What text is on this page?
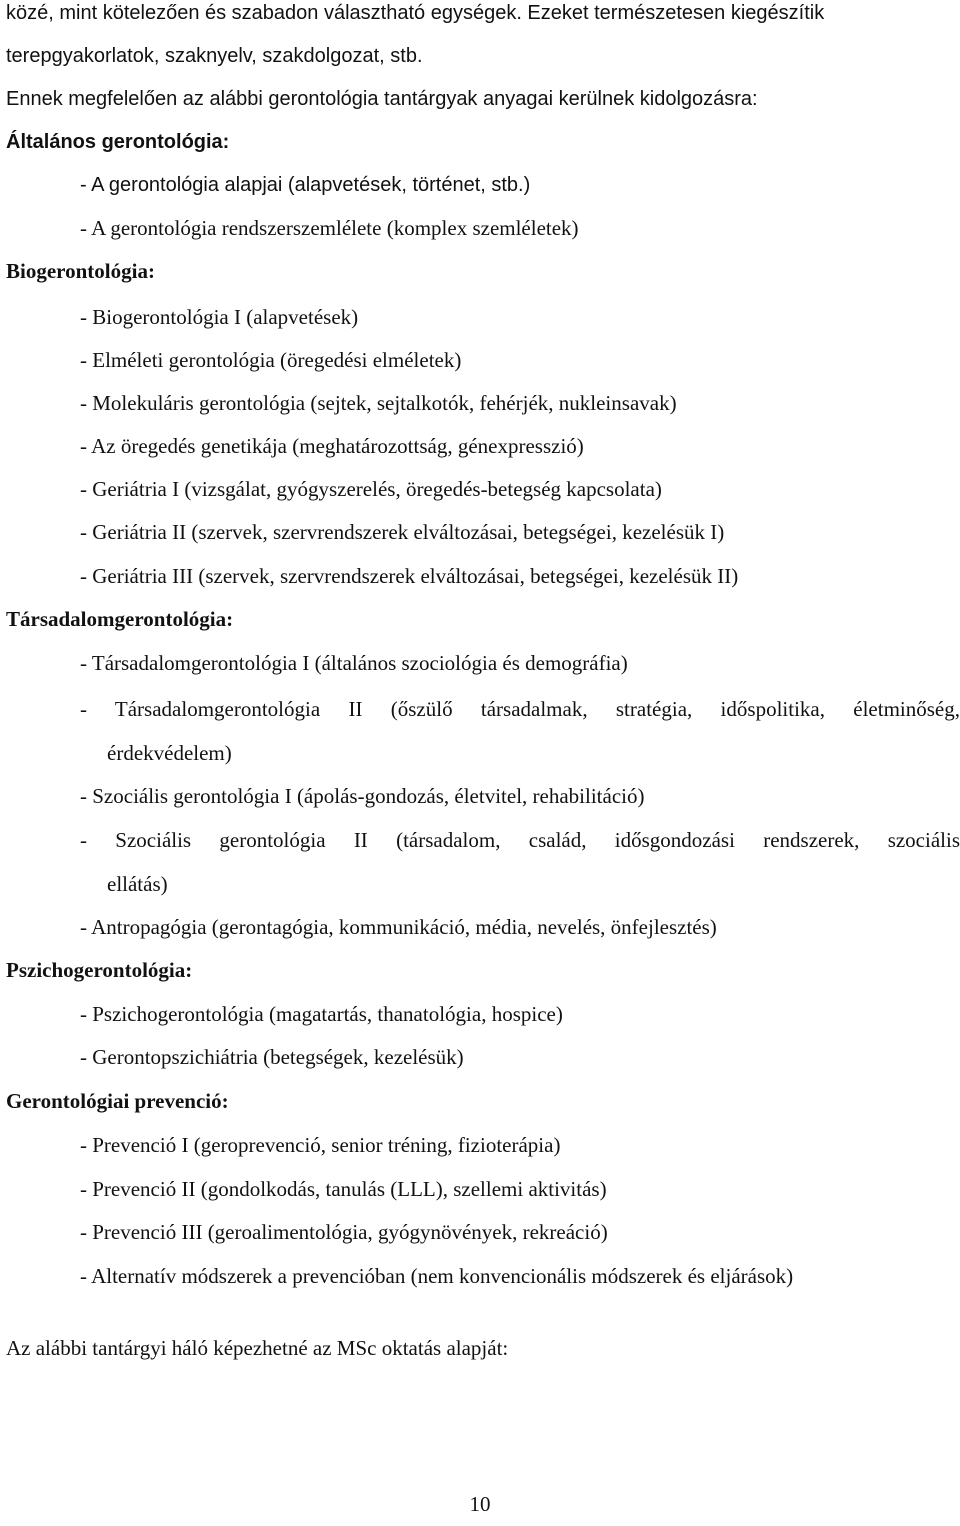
közé, mint kötelezően és szabadon választható egységek. Ezeket természetesen kiegészítik
terepgyakorlatok, szaknyelv, szakdolgozat, stb.
Ennek megfelelően az alábbi gerontológia tantárgyak anyagai kerülnek kidolgozásra:
Általános gerontológia:
- A gerontológia alapjai (alapvetések, történet, stb.)
- A gerontológia rendszerszemlélete (komplex szemléletek)
Biogerontológia:
- Biogerontológia I (alapvetések)
- Elméleti gerontológia (öregedési elméletek)
- Molekuláris gerontológia (sejtek, sejtalkotók, fehérjék, nukleinsavak)
- Az öregedés genetikája (meghatározottság, génexpresszió)
- Geriátria I (vizsgálat, gyógyszerelés, öregedés-betegség kapcsolata)
- Geriátria II (szervek, szervrendszerek elváltozásai, betegségei, kezelésük I)
- Geriátria III (szervek, szervrendszerek elváltozásai, betegségei, kezelésük II)
Társadalomgerontológia:
- Társadalomgerontológia I (általános szociológia és demográfia)
- Társadalomgerontológia II (őszülő társadalmak, stratégia, időspolitika, életminőség,
érdekvédelem)
- Szociális gerontológia I (ápolás-gondozás, életvitel, rehabilitáció)
- Szociális gerontológia II (társadalom, család, idősgondozási rendszerek, szociális
ellátás)
- Antropagógia (gerontagógia, kommunikáció, média, nevelés, önfejlesztés)
Pszichogerontológia:
- Pszichogerontológia (magatartás, thanatológia, hospice)
- Gerontopszichiátria (betegségek, kezelésük)
Gerontológiai prevenció:
- Prevenció I (geroprevenció, senior tréning, fizioterápia)
- Prevenció II (gondolkodás, tanulás (LLL), szellemi aktivitás)
- Prevenció III (geroalimentológia, gyógynövények, rekreáció)
- Alternatív módszerek a prevencióban (nem konvencionális módszerek és eljárások)
Az alábbi tantárgyi háló képezhetné az MSc oktatás alapját:
10
